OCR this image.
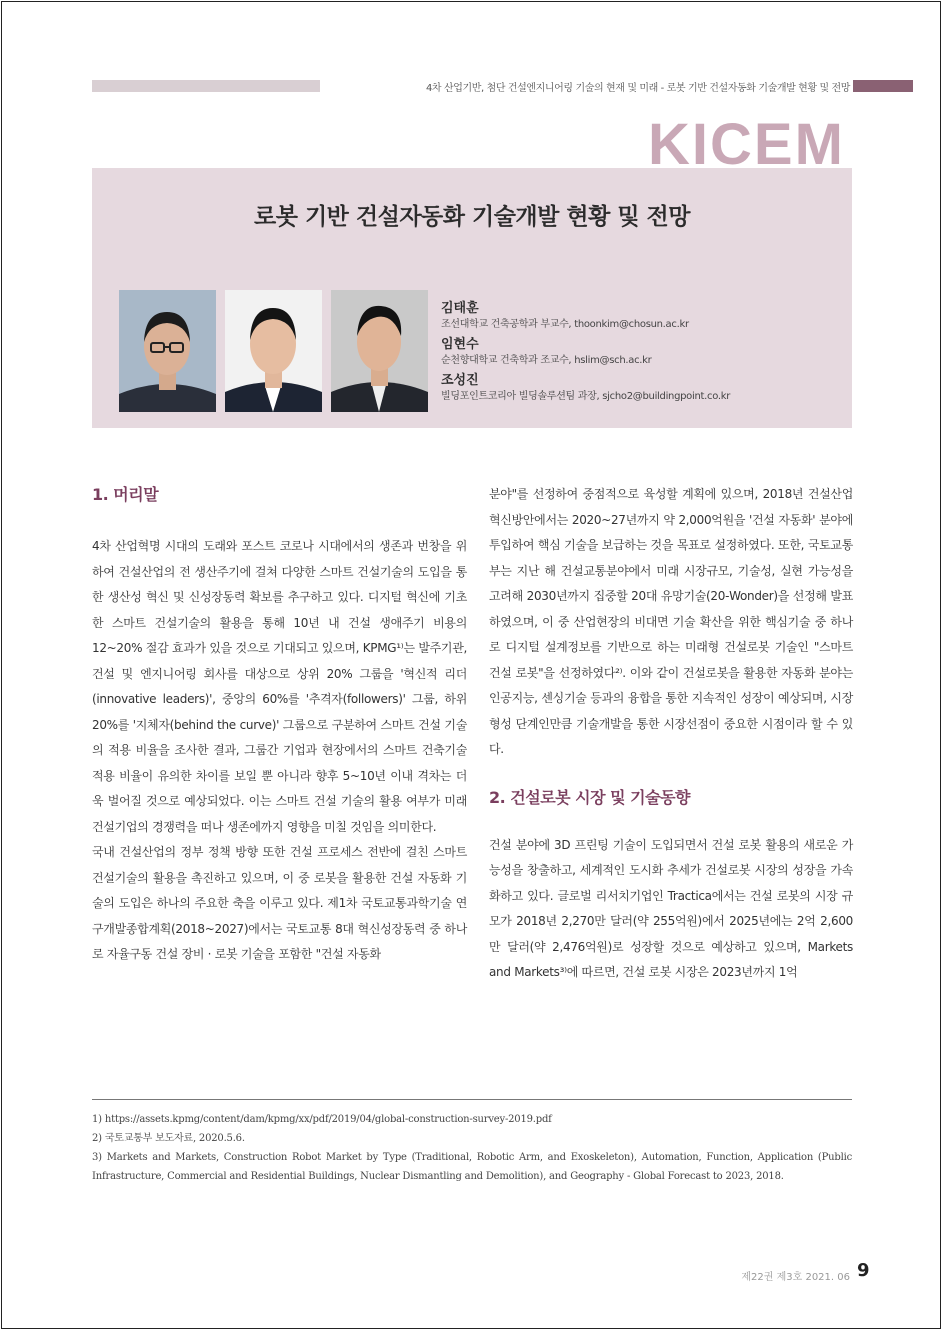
4차 산업기반, 첨단 건설엔지니어링 기술의 현재 및 미래 - 로봇 기반 건설자동화 기술개발 현황 및 전망
KICEM
로봇 기반 건설자동화 기술개발 현황 및 전망
김태훈
조선대학교 건축공학과 부교수, thoonkim@chosun.ac.kr
임현수
순천향대학교 건축학과 조교수, hslim@sch.ac.kr
조성진
빌딩포인트코리아 빌딩솔루션팀 과장, sjcho2@buildingpoint.co.kr
1. 머리말

4차 산업혁명 시대의 도래와 포스트 코로나 시대에서의 생존과 번창을 위하여 건설산업의 전 생산주기에 걸쳐 다양한 스마트 건설기술의 도입을 통한 생산성 혁신 및 신성장동력 확보를 추구하고 있다. 디지털 혁신에 기초한 스마트 건설기술의 활용을 통해 10년 내 건설 생애주기 비용의 12~20% 절감 효과가 있을 것으로 기대되고 있으며, KPMG¹⁾는 발주기관, 건설 및 엔지니어링 회사를 대상으로 상위 20% 그룹을 '혁신적 리더(innovative leaders)', 중앙의 60%를 '추격자(followers)' 그룹, 하위 20%를 '지체자(behind the curve)' 그룹으로 구분하여 스마트 건설 기술의 적용 비율을 조사한 결과, 그룹간 기업과 현장에서의 스마트 건축기술 적용 비율이 유의한 차이를 보일 뿐 아니라 향후 5~10년 이내 격차는 더욱 벌어질 것으로 예상되었다. 이는 스마트 건설 기술의 활용 여부가 미래 건설기업의 경쟁력을 떠나 생존에까지 영향을 미칠 것임을 의미한다.

국내 건설산업의 정부 정책 방향 또한 건설 프로세스 전반에 걸친 스마트 건설기술의 활용을 촉진하고 있으며, 이 중 로봇을 활용한 건설 자동화 기술의 도입은 하나의 주요한 축을 이루고 있다. 제1차 국토교통과학기술 연구개발종합계획(2018~2027)에서는 국토교통 8대 혁신성장동력 중 하나로 자율구동 건설 장비 · 로봇 기술을 포함한 "건설 자동화

분야"를 선정하여 중점적으로 육성할 계획에 있으며, 2018년 건설산업 혁신방안에서는 2020~27년까지 약 2,000억원을 '건설 자동화' 분야에 투입하여 핵심 기술을 보급하는 것을 목표로 설정하였다. 또한, 국토교통부는 지난 해 건설교통분야에서 미래 시장규모, 기술성, 실현 가능성을 고려해 2030년까지 집중할 20대 유망기술(20-Wonder)을 선정해 발표하였으며, 이 중 산업현장의 비대면 기술 확산을 위한 핵심기술 중 하나로 디지털 설계정보를 기반으로 하는 미래형 건설로봇 기술인 "스마트 건설 로봇"을 선정하였다²⁾. 이와 같이 건설로봇을 활용한 자동화 분야는 인공지능, 센싱기술 등과의 융합을 통한 지속적인 성장이 예상되며, 시장형성 단계인만큼 기술개발을 통한 시장선점이 중요한 시점이라 할 수 있다.

2. 건설로봇 시장 및 기술동향

건설 분야에 3D 프린팅 기술이 도입되면서 건설 로봇 활용의 새로운 가능성을 창출하고, 세계적인 도시화 추세가 건설로봇 시장의 성장을 가속화하고 있다. 글로벌 리서치기업인 Tractica에서는 건설 로봇의 시장 규모가 2018년 2,270만 달러(약 255억원)에서 2025년에는 2억 2,600만 달러(약 2,476억원)로 성장할 것으로 예상하고 있으며, Markets and Markets³⁾에 따르면, 건설 로봇 시장은 2023년까지 1억

1) https://assets.kpmg/content/dam/kpmg/xx/pdf/2019/04/global-construction-survey-2019.pdf
2) 국토교통부 보도자료, 2020.5.6.
3) Markets and Markets, Construction Robot Market by Type (Traditional, Robotic Arm, and Exoskeleton), Automation, Function, Application (Public Infrastructure, Commercial and Residential Buildings, Nuclear Dismantling and Demolition), and Geography - Global Forecast to 2023, 2018.
제22권 제3호 2021. 06 9
